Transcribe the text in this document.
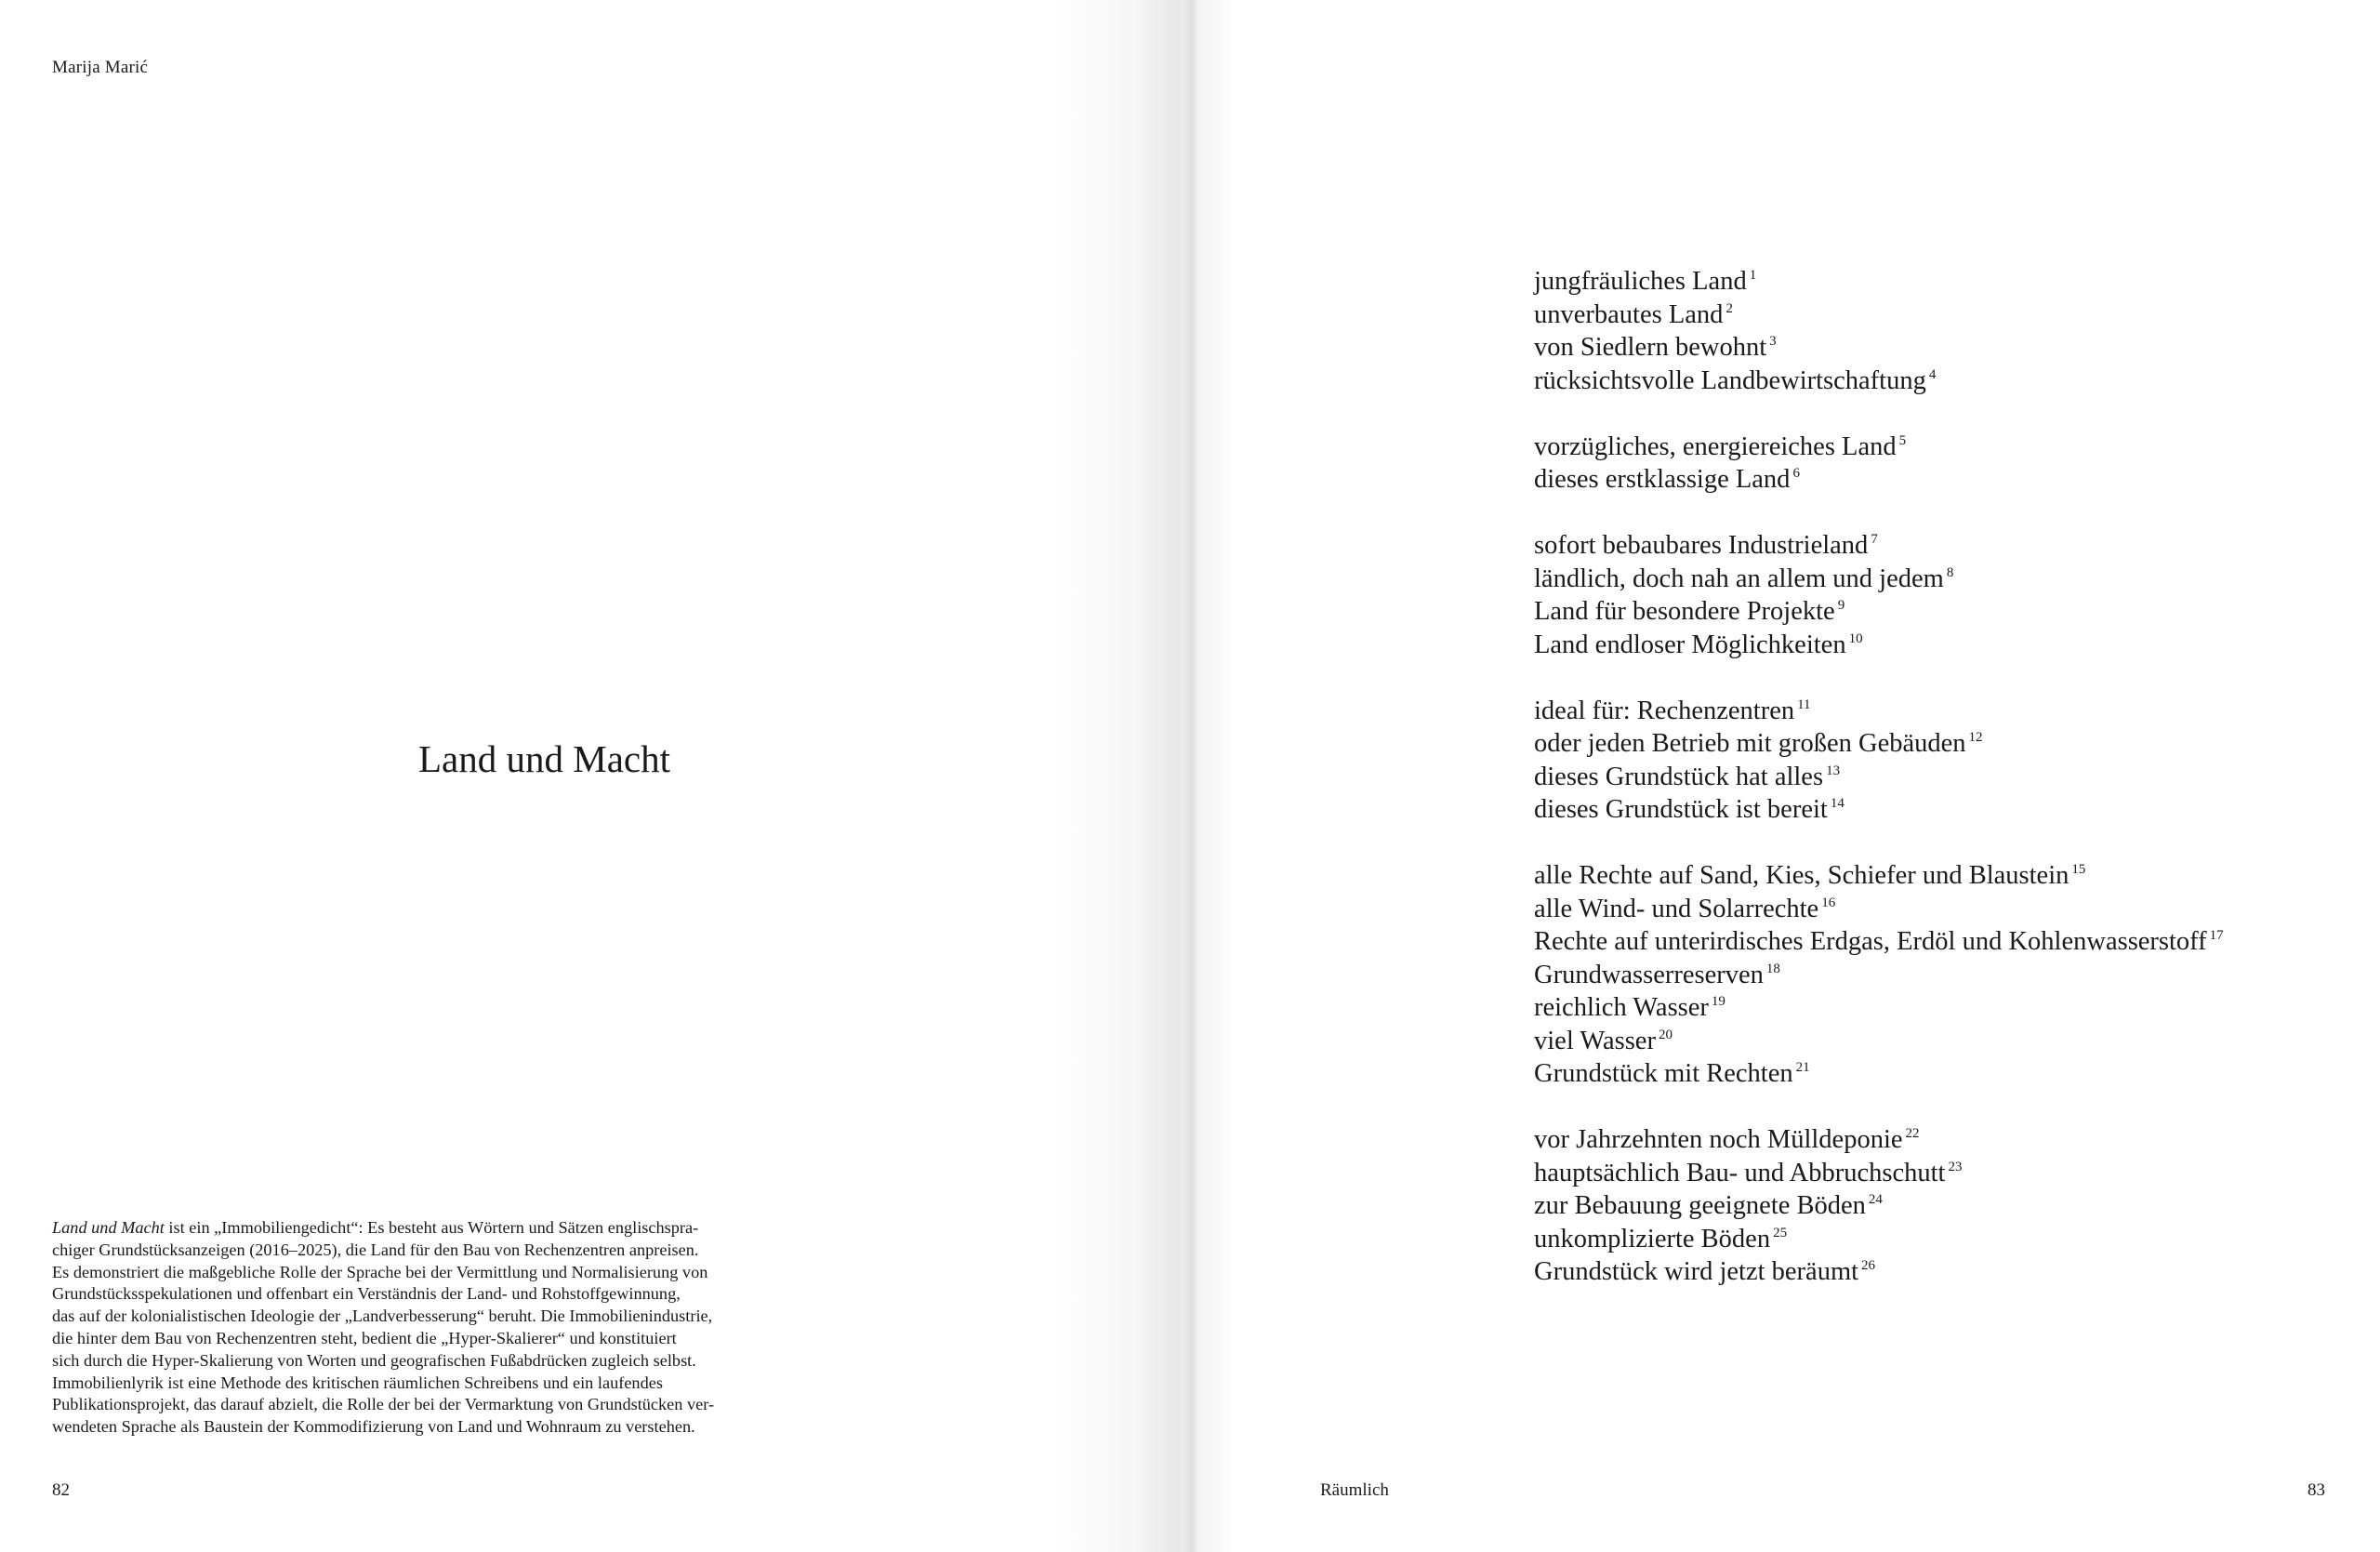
Marija Marić
Land und Macht

Land und Macht ist ein „Immobiliengedicht“: Es besteht aus Wörtern und Sätzen englischspra-
chiger Grundstücksanzeigen (2016–2025), die Land für den Bau von Rechenzentren anpreisen.
Es demonstriert die maßgebliche Rolle der Sprache bei der Vermittlung und Normalisierung von
Grundstücksspekulationen und offenbart ein Verständnis der Land- und Rohstoffgewinnung,
das auf der kolonialistischen Ideologie der „Landverbesserung“ beruht. Die Immobilienindustrie,
die hinter dem Bau von Rechenzentren steht, bedient die „Hyper-Skalierer“ und konstituiert
sich durch die Hyper-Skalierung von Worten und geografischen Fußabdrücken zugleich selbst.
Immobilienlyrik ist eine Methode des kritischen räumlichen Schreibens und ein laufendes
Publikationsprojekt, das darauf abzielt, die Rolle der bei der Vermarktung von Grundstücken ver-
wendeten Sprache als Baustein der Kommodifizierung von Land und Wohnraum zu verstehen.

82	Räumlich	83
jungfräuliches Land $^1$
unverbautes Land $^2$
von Siedlern bewohnt $^3$
rücksichtsvolle Landbewirtschaftung $^4$
vorzügliches, energiereiches Land $^5$
dieses erstklassige Land $^6$
sofort bebaubares Industrieland $^7$
ländlich, doch nah an allem und jedem $^8$
Land für besondere Projekte $^9$
Land endloser Möglichkeiten $^{10}$
ideal für: Rechenzentren $^{11}$
oder jeden Betrieb mit großen Gebäuden $^{12}$
dieses Grundstück hat alles $^{13}$
dieses Grundstück ist bereit $^{14}$
alle Rechte auf Sand, Kies, Schiefer und Blaustein $^{15}$
alle Wind- und Solarrechte $^{16}$
Rechte auf unterirdisches Erdgas, Erdöl und Kohlenwasserstoff $^{17}$
Grundwasserreserven $^{18}$
reichlich Wasser $^{19}$
viel Wasser $^{20}$
Grundstück mit Rechten $^{21}$
vor Jahrzehnten noch Mülldeponie $^{22}$
hauptsächlich Bau- und Abbruchschutt $^{23}$
zur Bebauung geeignete Böden $^{24}$
unkomplizierte Böden $^{25}$
Grundstück wird jetzt beräumt $^{26}$
